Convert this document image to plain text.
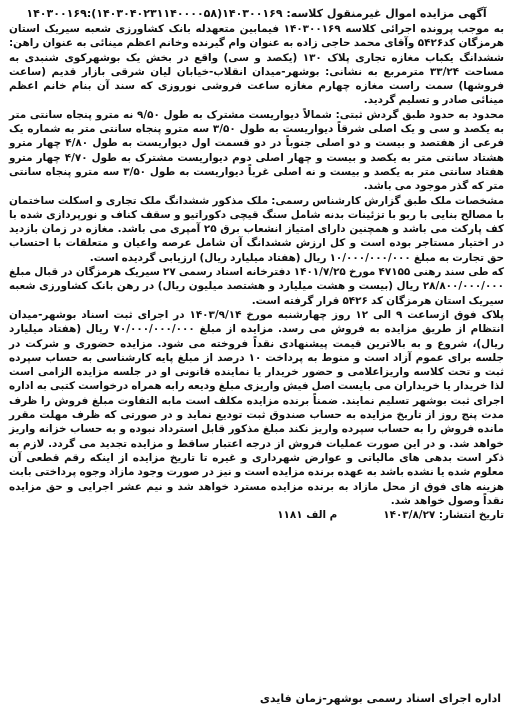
آگهی مزایده اموال غیرمنقول کلاسه: ۱۴۰۳۰۰۱۶۹(۱۴۰۳۰۴۰۲۳۱۱۴۰۰۰۰۵۸):۱۴۰۳۰۰۱۶۹

به موجب پرونده اجرائی کلاسه ۱۴۰۳۰۰۱۶۹ فیمابین متعهدله بانک کشاورزی شعبه سیریک استان هرمزگان کد۵۴۲۶ وآقای محمد حاجی زاده به عنوان وام گیرنده وخانم اعظم مینائی به عنوان راهن: ششدانگ یکباب مغازه تجاری پلاک ۱۳۰ (یکصد و سی) واقع در بخش یک بوشهرکوی شنبدی به مساحت ۳۳/۲۴ مترمربع به نشانی: بوشهر-میدان انقلاب-خیابان لیان شرقی بازار قدیم (ساعت فروشها) سمت راست مغازه چهارم مغازه ساعت فروشی نوروزی که سند آن بنام خانم اعظم مینائی صادر و تسلیم گردید.

محدود به حدود طبق گردش ثبتی: شمالاً دیواریست مشترک به طول ۹/۵۰ نه مترو پنجاه سانتی متر به یکصد و سی و یک اصلی شرقاً دیواریست به طول ۳/۵۰ سه مترو پنجاه سانتی متر به شماره یک فرعی از هفتصد و بیست و دو اصلی جنوباً در دو قسمت اول دیواریست به طول ۴/۸۰ چهار مترو هشتاد سانتی متر به یکصد و بیست و چهار اصلی دوم دیواریست مشترک به طول ۴/۷۰ چهار مترو هفتاد سانتی متر به یکصد و بیست و نه اصلی غرباً دیواریست به طول ۳/۵۰ سه مترو پنجاه سانتی متر که گذر موجود می باشد.

مشخصات ملک طبق گزارش کارشناس رسمی: ملک مذکور ششدانگ ملک تجاری و اسکلت ساختمان با مصالح بنایی با ربو با تزئینات بدنه شامل سنگ قیچی دکوراتیو و سقف کناف و نورپردازی شده با کف پارکت می باشد و همچنین دارای امتیاز انشعاب برق ۲۵ آمپری می باشد. مغازه در زمان بازدید در اختیار مستاجر بوده است و کل ارزش ششدانگ آن شامل عرصه واعیان و متعلقات با احتساب حق تجارت به مبلغ ۱۰/۰۰۰/۰۰۰/۰۰۰ ریال (هفتاد میلیارد ریال) ارزیابی گردیده است.

که طی سند رهنی ۴۷۱۵۵ مورخ ۱۴۰۱/۷/۲۵ دفترخانه اسناد رسمی ۲۷ سیریک هرمزگان در قبال مبلغ ۲۸/۸۰۰/۰۰۰/۰۰۰ ریال (بیست و هشت میلیارد و هشتصد میلیون ریال) در رهن بانک کشاورزی شعبه سیریک استان هرمزگان کد ۵۴۲۶ قرار گرفته است.

پلاک فوق ازساعت ۹ الی ۱۲ روز چهارشنبه مورخ ۱۴۰۳/۹/۱۴ در اجرای ثبت اسناد بوشهر-میدان انتظام از طریق مزایده به فروش می رسد. مزایده از مبلغ ۷۰/۰۰۰/۰۰۰/۰۰۰ ریال (هفتاد میلیارد ریال)، شروع و به بالاترین قیمت پیشنهادی نقداً فروخته می شود. مزایده حضوری و شرکت در جلسه برای عموم آزاد است و منوط به پرداخت ۱۰ درصد از مبلغ پایه کارشناسی به حساب سپرده ثبت و تحت کلاسه واریزاعلامی و حضور خریدار یا نماینده قانونی او در جلسه مزایده الزامی است لذا خریدار یا خریداران می بایست اصل فیش واریزی مبلغ ودیعه رابه همراه درخواست کتبی به اداره اجرای ثبت بوشهر تسلیم نمایند. ضمناً برنده مزایده مکلف است مابه التفاوت مبلغ فروش را ظرف مدت پنج روز از تاریخ مزایده به حساب صندوق ثبت تودیع نماید و در صورتی که ظرف مهلت مقرر مانده فروش را به حساب سپرده واریز نکند مبلغ مذکور قابل استرداد نبوده و به حساب خزانه واریز خواهد شد. و در این صورت عملیات فروش از درجه اعتبار ساقط و مزایده تجدید می گردد. لازم به ذکر است بدهی های مالیاتی و عوارض شهرداری و غیره تا تاریخ مزایده از اینکه رقم قطعی آن معلوم شده یا نشده باشد به عهده برنده مزایده است و نیز در صورت وجود مازاد وجوه پرداختی بابت هزینه های فوق از محل مازاد به برنده مزایده مسترد خواهد شد و نیم عشر اجرایی و حق مزایده نقداً وصول خواهد شد.

تاریخ انتشار: ۱۴۰۳/۸/۲۷
م الف ۱۱۸۱
اداره اجرای اسناد رسمی بوشهر-زمان فایدی
